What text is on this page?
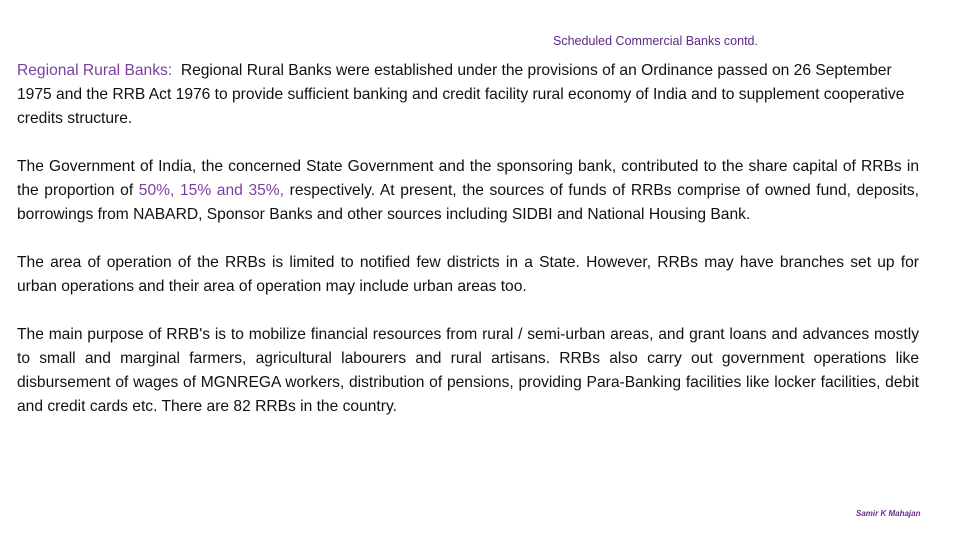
Scheduled Commercial Banks contd.

Regional Rural Banks:  Regional Rural Banks were established under the provisions of an Ordinance passed on 26 September 1975 and the RRB Act 1976 to provide sufficient banking and credit facility rural economy of India and to supplement cooperative credits structure.

The Government of India, the concerned State Government and the sponsoring bank, contributed to the share capital of RRBs in the proportion of 50%, 15% and 35%, respectively. At present, the sources of funds of RRBs comprise of owned fund, deposits, borrowings from NABARD, Sponsor Banks and other sources including SIDBI and National Housing Bank.

The area of operation of the RRBs is limited to notified few districts in a State. However, RRBs may have branches set up for urban operations and their area of operation may include urban areas too.

The main purpose of RRB's is to mobilize financial resources from rural / semi-urban areas, and grant loans and advances mostly to small and marginal farmers, agricultural labourers and rural artisans. RRBs also carry out government operations like disbursement of wages of MGNREGA workers, distribution of pensions, providing Para-Banking facilities like locker facilities, debit and credit cards etc. There are 82 RRBs in the country.

Samir K Mahajan
